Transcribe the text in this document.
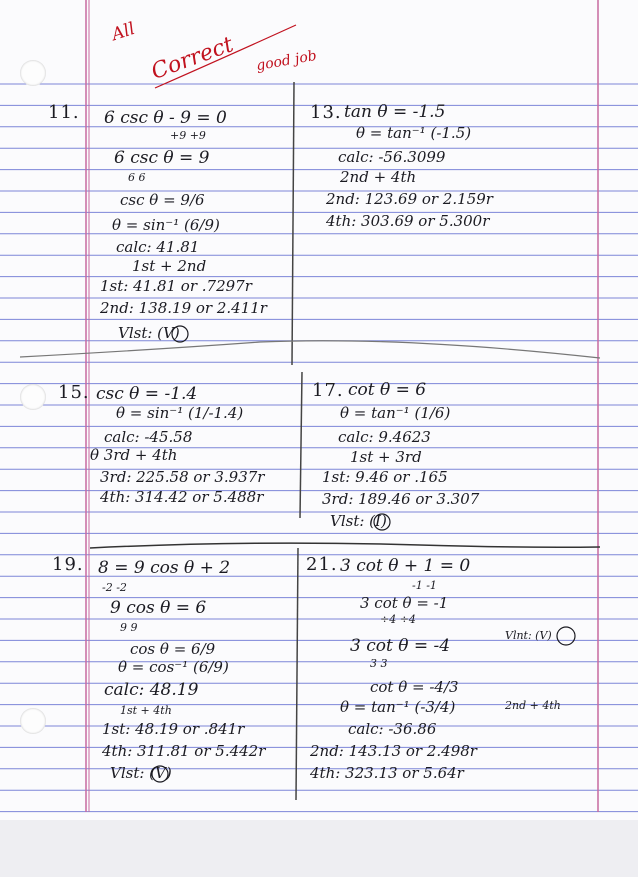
All
Correct good job
11. 6 csc θ - 9 = 0
+9 +9
6 csc θ = 9
6 6
csc θ = 9/6
θ = sin⁻¹ (6/9)
calc: 41.81
1st + 2nd
1st: 41.81 or .7297r
2nd: 138.19 or 2.411r
Vlst: (V)
13. tan θ = -1.5
θ = tan⁻¹ (-1.5)
calc: -56.3099
2nd + 4th
2nd: 123.69 or 2.159r
4th: 303.69 or 5.300r
15. csc θ = -1.4
θ = sin⁻¹ (1/-1.4)
calc: -45.58
θ 3rd + 4th
3rd: 225.58 or 3.937r
4th: 314.42 or 5.488r
17. cot θ = 6
θ = tan⁻¹ (1/6)
calc: 9.4623
1st + 3rd
1st: 9.46 or .165
3rd: 189.46 or 3.307
Vlst: (I)
19. 8 = 9 cos θ + 2
-2 -2
9 cos θ = 6
9 9
cos θ = 6/9
θ = cos⁻¹ (6/9)
calc: 48.19
1st + 4th
1st: 48.19 or .841r
4th: 311.81 or 5.442r
Vlst: (V)
21. 3 cot θ + 1 = 0
-1 -1
3 cot θ = -1
÷4 ÷4
3 cot θ = -4
3 3
cot θ = -4/3
θ = tan⁻¹ (-3/4)
calc: -36.86
2nd: 143.13 or 2.498r
4th: 323.13 or 5.64r
Vlnt: (V)
2nd + 4th
